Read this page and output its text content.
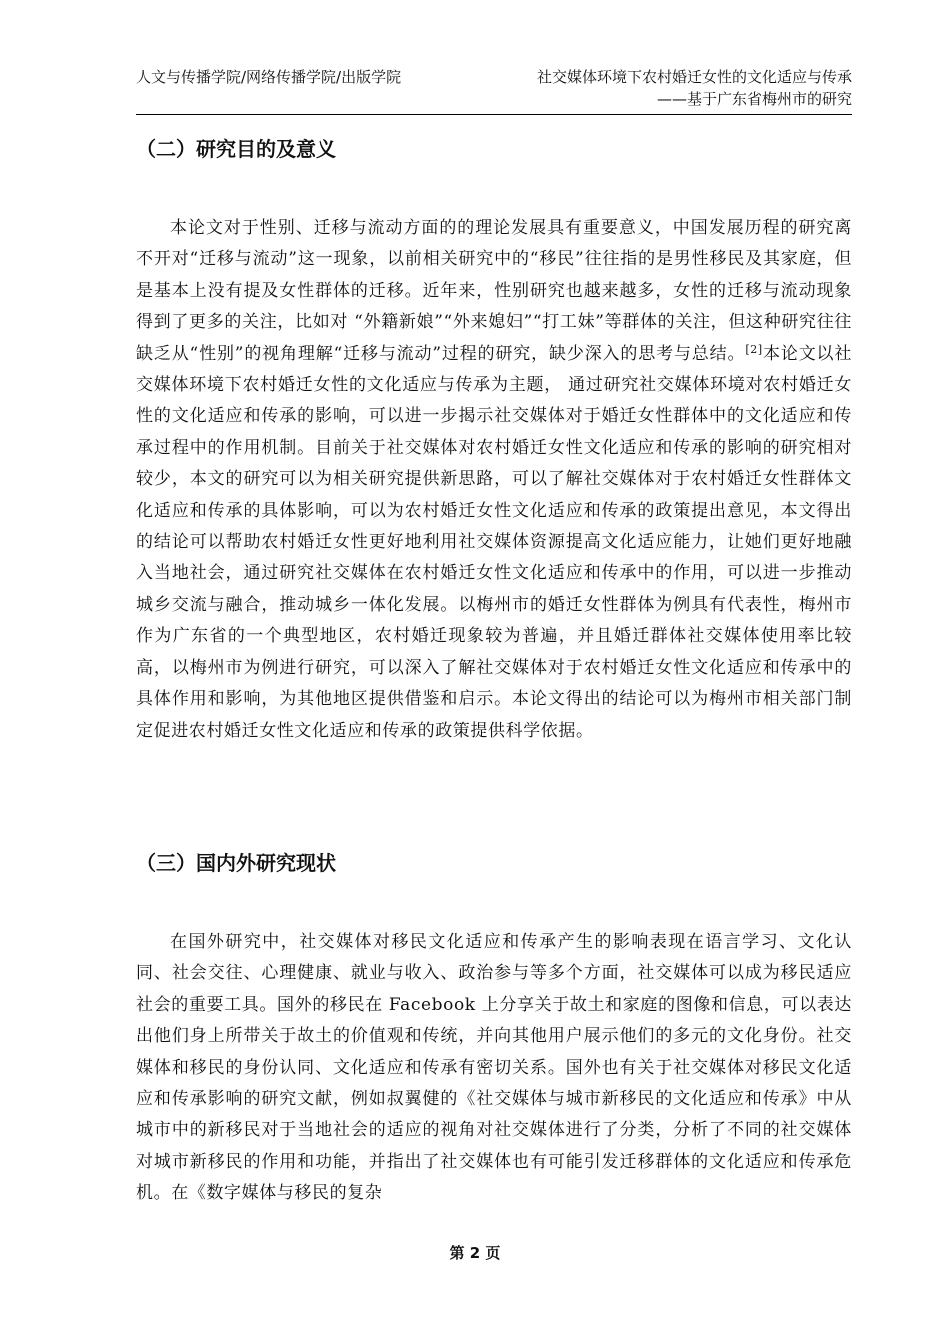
人文与传播学院/网络传播学院/出版学院	社交媒体环境下农村婚迁女性的文化适应与传承
——基于广东省梅州市的研究
（二）研究目的及意义
本论文对于性别、迁移与流动方面的的理论发展具有重要意义，中国发展历程的研究离不开对“迁移与流动”这一现象，以前相关研究中的“移民”往往指的是男性移民及其家庭，但是基本上没有提及女性群体的迁移。近年来，性别研究也越来越多，女性的迁移与流动现象得到了更多的关注，比如对 “外籍新娘”“外来媳妇”“打工妹”等群体的关注，但这种研究往往缺乏从“性别”的视角理解“迁移与流动”过程的研究，缺少深入的思考与总结。[2]本论文以社交媒体环境下农村婚迁女性的文化适应与传承为主题， 通过研究社交媒体环境对农村婚迁女性的文化适应和传承的影响，可以进一步揭示社交媒体对于婚迁女性群体中的文化适应和传承过程中的作用机制。目前关于社交媒体对农村婚迁女性文化适应和传承的影响的研究相对较少，本文的研究可以为相关研究提供新思路，可以了解社交媒体对于农村婚迁女性群体文化适应和传承的具体影响，可以为农村婚迁女性文化适应和传承的政策提出意见，本文得出的结论可以帮助农村婚迁女性更好地利用社交媒体资源提高文化适应能力，让她们更好地融入当地社会，通过研究社交媒体在农村婚迁女性文化适应和传承中的作用，可以进一步推动城乡交流与融合，推动城乡一体化发展。以梅州市的婚迁女性群体为例具有代表性，梅州市作为广东省的一个典型地区，农村婚迁现象较为普遍，并且婚迁群体社交媒体使用率比较高，以梅州市为例进行研究，可以深入了解社交媒体对于农村婚迁女性文化适应和传承中的具体作用和影响，为其他地区提供借鉴和启示。本论文得出的结论可以为梅州市相关部门制定促进农村婚迁女性文化适应和传承的政策提供科学依据。
（三）国内外研究现状
在国外研究中，社交媒体对移民文化适应和传承产生的影响表现在语言学习、文化认同、社会交往、心理健康、就业与收入、政治参与等多个方面，社交媒体可以成为移民适应社会的重要工具。国外的移民在 Facebook 上分享关于故土和家庭的图像和信息，可以表达出他们身上所带关于故土的价值观和传统，并向其他用户展示他们的多元的文化身份。社交媒体和移民的身份认同、文化适应和传承有密切关系。国外也有关于社交媒体对移民文化适应和传承影响的研究文献，例如叔翼健的《社交媒体与城市新移民的文化适应和传承》中从城市中的新移民对于当地社会的适应的视角对社交媒体进行了分类，分析了不同的社交媒体对城市新移民的作用和功能，并指出了社交媒体也有可能引发迁移群体的文化适应和传承危机。在《数字媒体与移民的复杂
第 2 页
